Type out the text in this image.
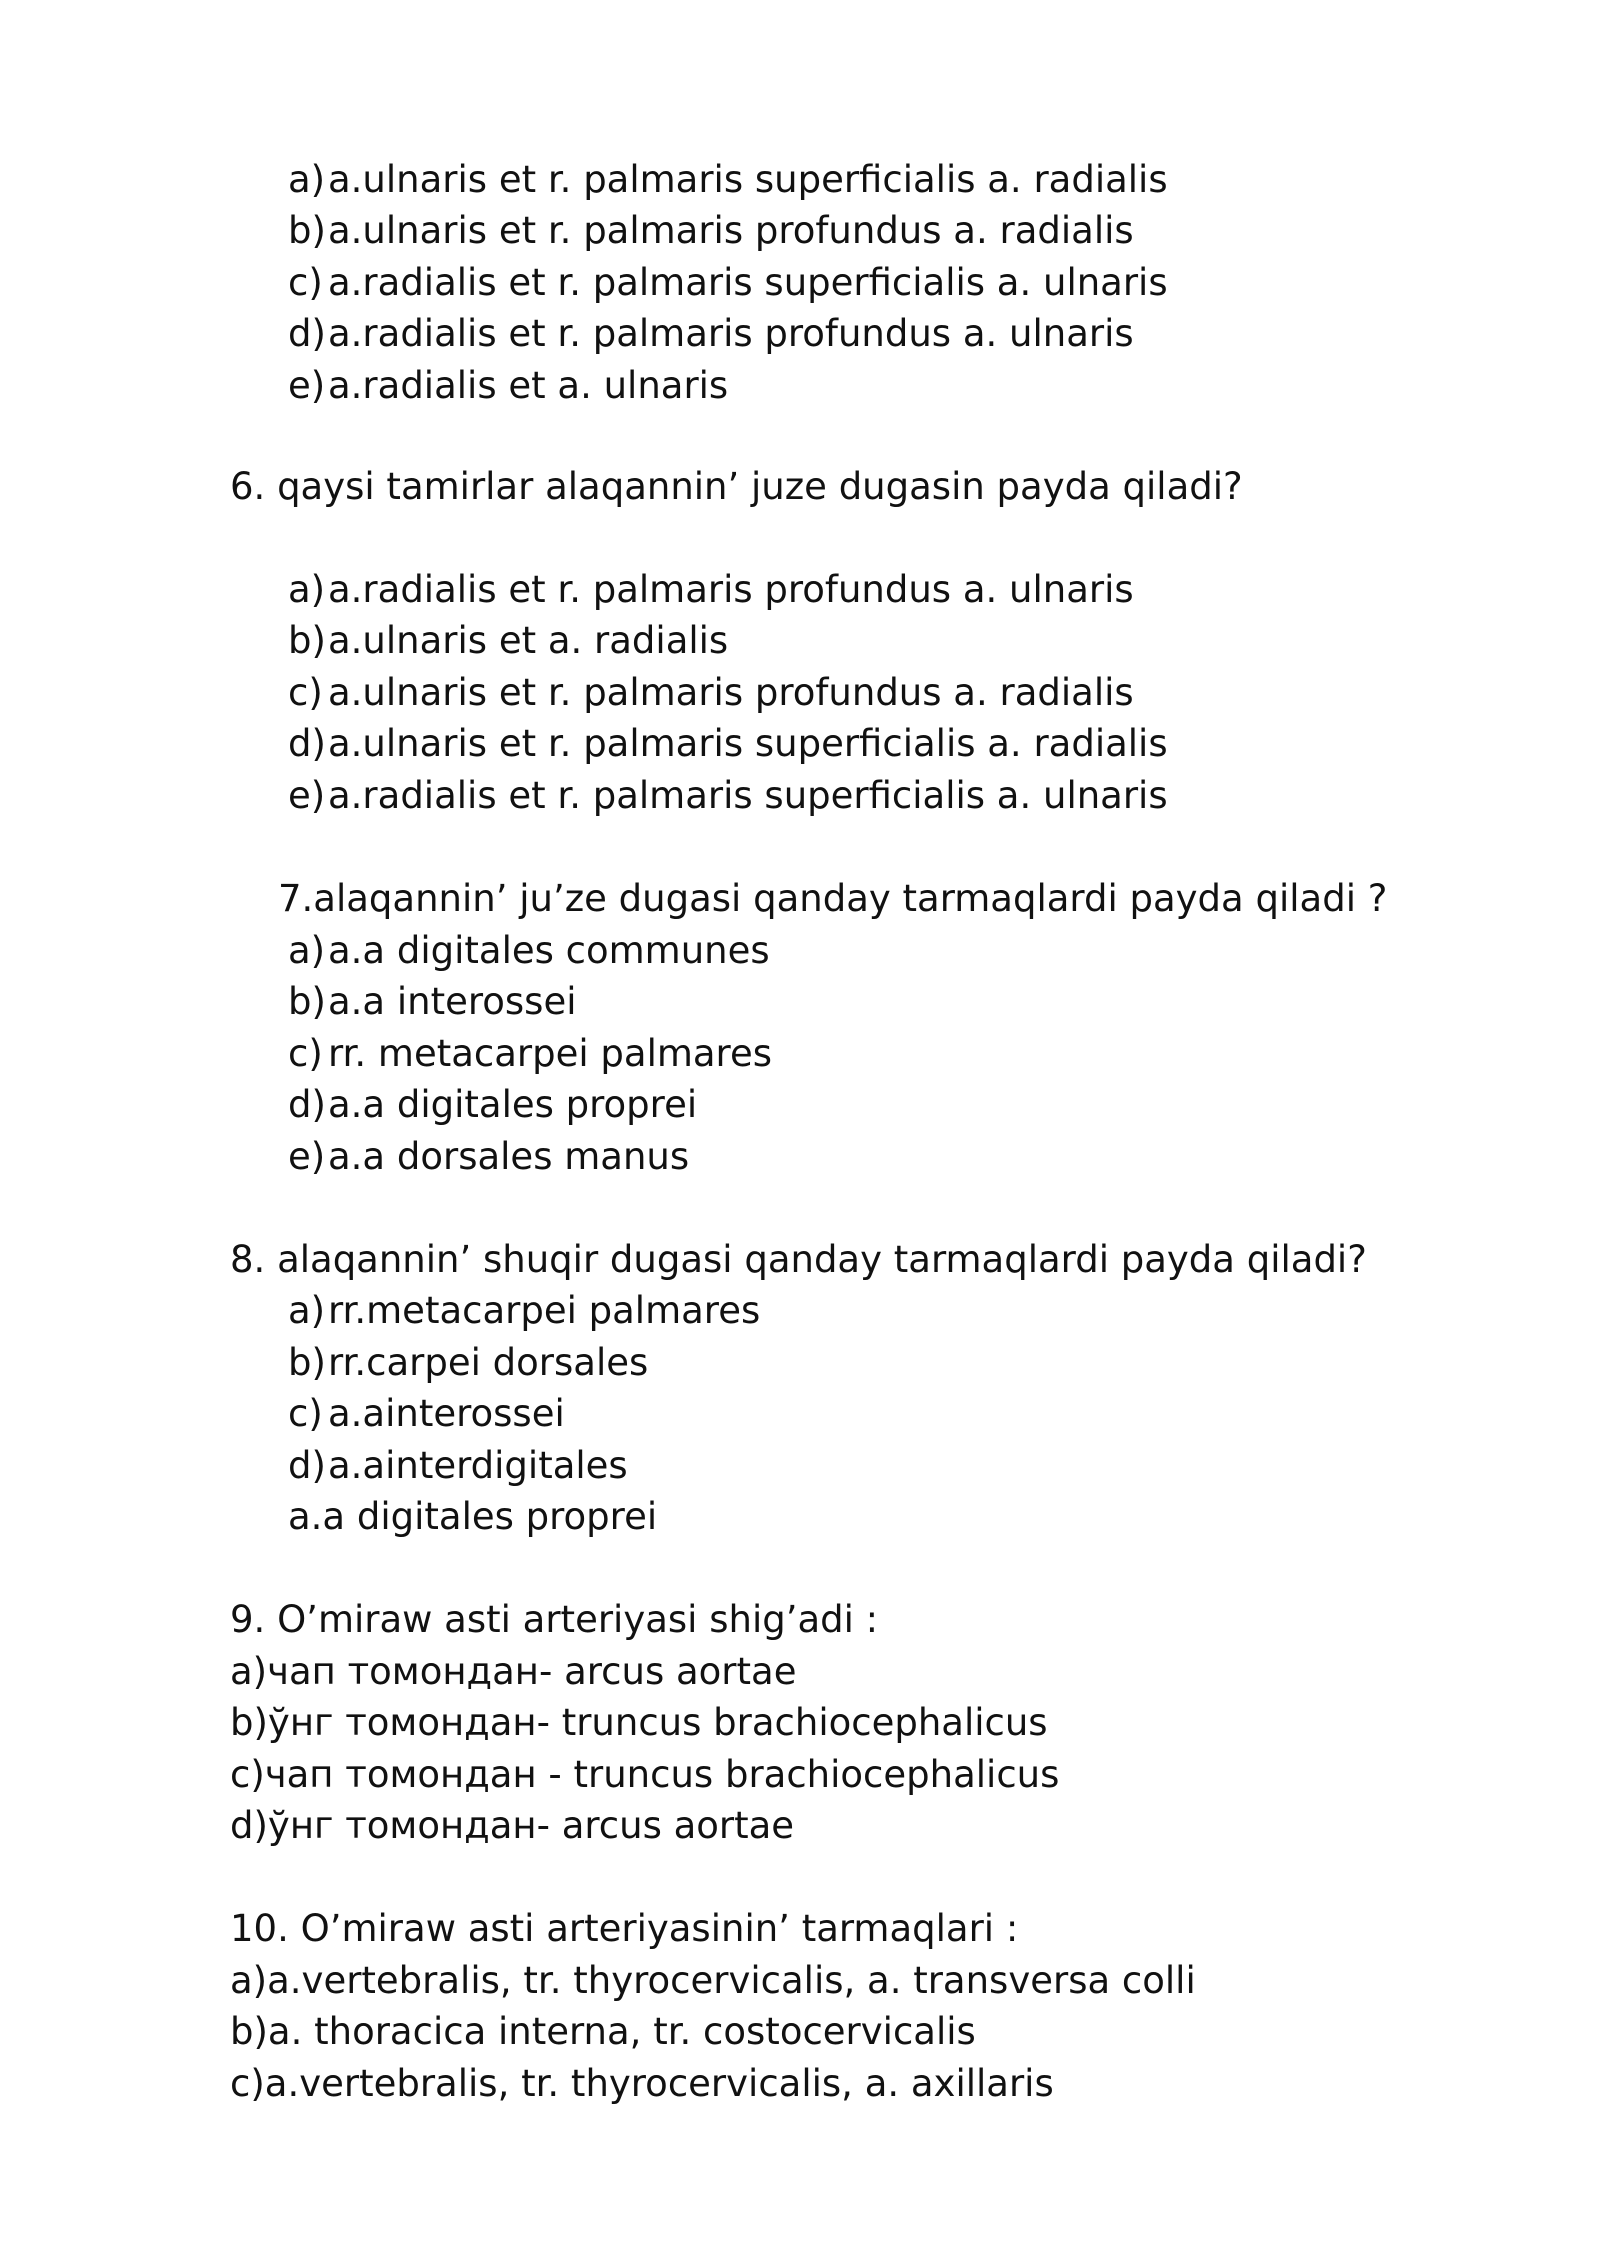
a)a.ulnaris et r. palmaris superficialis a. radialis
b)a.ulnaris et r. palmaris profundus a. radialis
c) a.radialis et r. palmaris superficialis a. ulnaris
d)a.radialis et r. palmaris profundus a. ulnaris
e)a.radialis et a. ulnaris
6. qaysi tamirlar alaqannin’ juze dugasin payda qiladi?
a)a.radialis et r. palmaris profundus a. ulnaris
b)a.ulnaris et a. radialis
c) a.ulnaris et r. palmaris profundus a. radialis
d)a.ulnaris et r. palmaris superficialis a. radialis
e)a.radialis et r. palmaris superficialis a. ulnaris
7.alaqannin’ ju’ze dugasi qanday tarmaqlardi payda qiladi ?
a)a.a digitales communes
b)a.a interossei
c) rr. metacarpei palmares
d)a.a digitales proprei
e)a.a dorsales manus
8. alaqannin’ shuqir dugasi qanday tarmaqlardi payda qiladi?
a)rr.metacarpei palmares
b)rr.carpei dorsales
c) a.ainterossei
d)a.ainterdigitales
a.a digitales proprei
9. O’miraw asti arteriyasi shig’adi :
a)чап томондан- arcus aortae
b)ўнг томондан- truncus brachiocephalicus
c)чап томондан - truncus brachiocephalicus
d)ўнг томондан- arcus aortae
10. O’miraw asti arteriyasinin’ tarmaqlari :
a)a.vertebralis, tr. thyrocervicalis, a. transversa colli
b)a. thoracica interna, tr. costocervicalis
c)a.vertebralis, tr. thyrocervicalis, a. axillaris
